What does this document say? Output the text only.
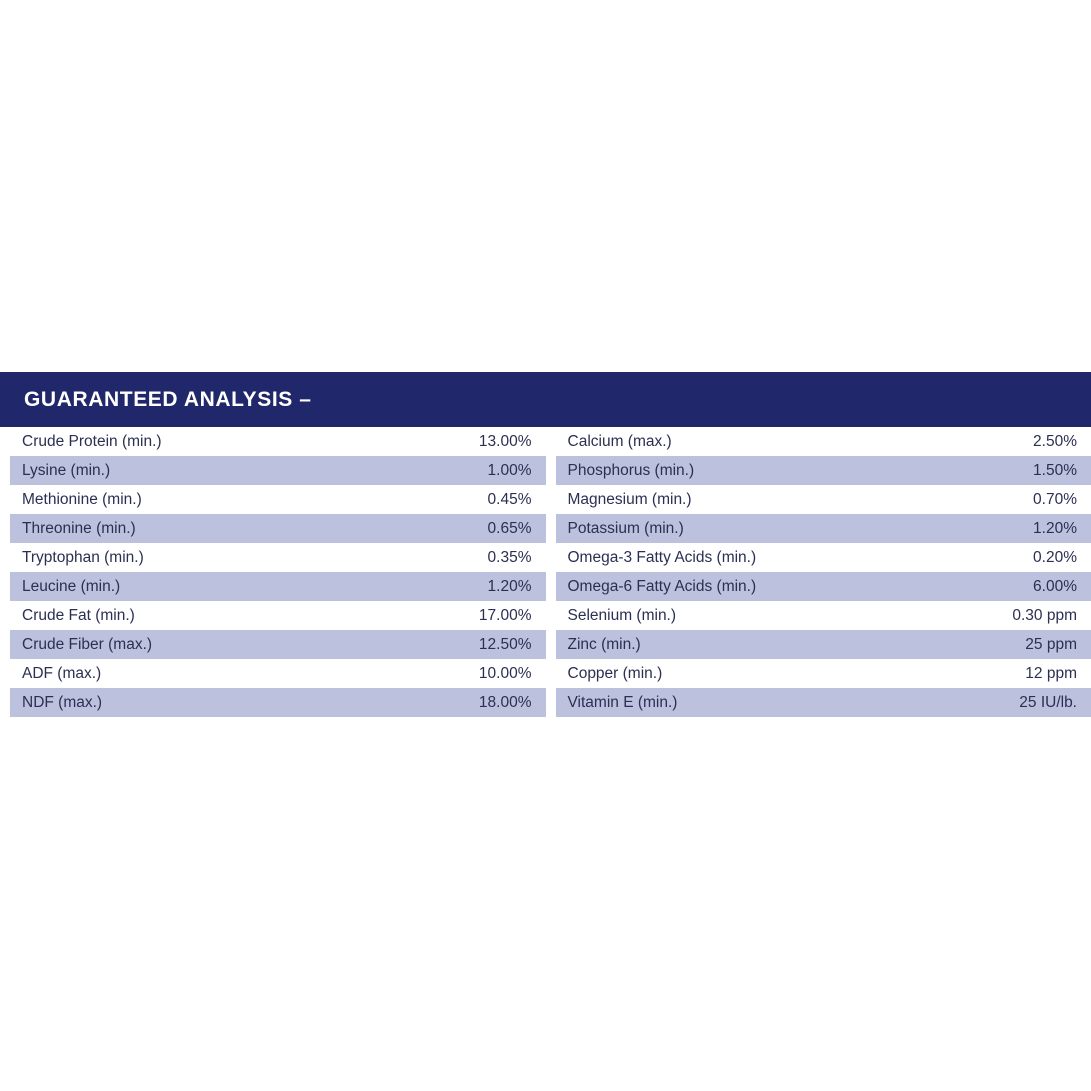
GUARANTEED ANALYSIS –
Crude Protein (min.)	13.00%
Lysine (min.)	1.00%
Methionine (min.)	0.45%
Threonine (min.)	0.65%
Tryptophan (min.)	0.35%
Leucine (min.)	1.20%
Crude Fat (min.)	17.00%
Crude Fiber (max.)	12.50%
ADF (max.)	10.00%
NDF (max.)	18.00%
Calcium (max.)	2.50%
Phosphorus (min.)	1.50%
Magnesium (min.)	0.70%
Potassium (min.)	1.20%
Omega-3 Fatty Acids (min.)	0.20%
Omega-6 Fatty Acids (min.)	6.00%
Selenium (min.)	0.30 ppm
Zinc (min.)	25 ppm
Copper (min.)	12 ppm
Vitamin E (min.)	25 IU/lb.
